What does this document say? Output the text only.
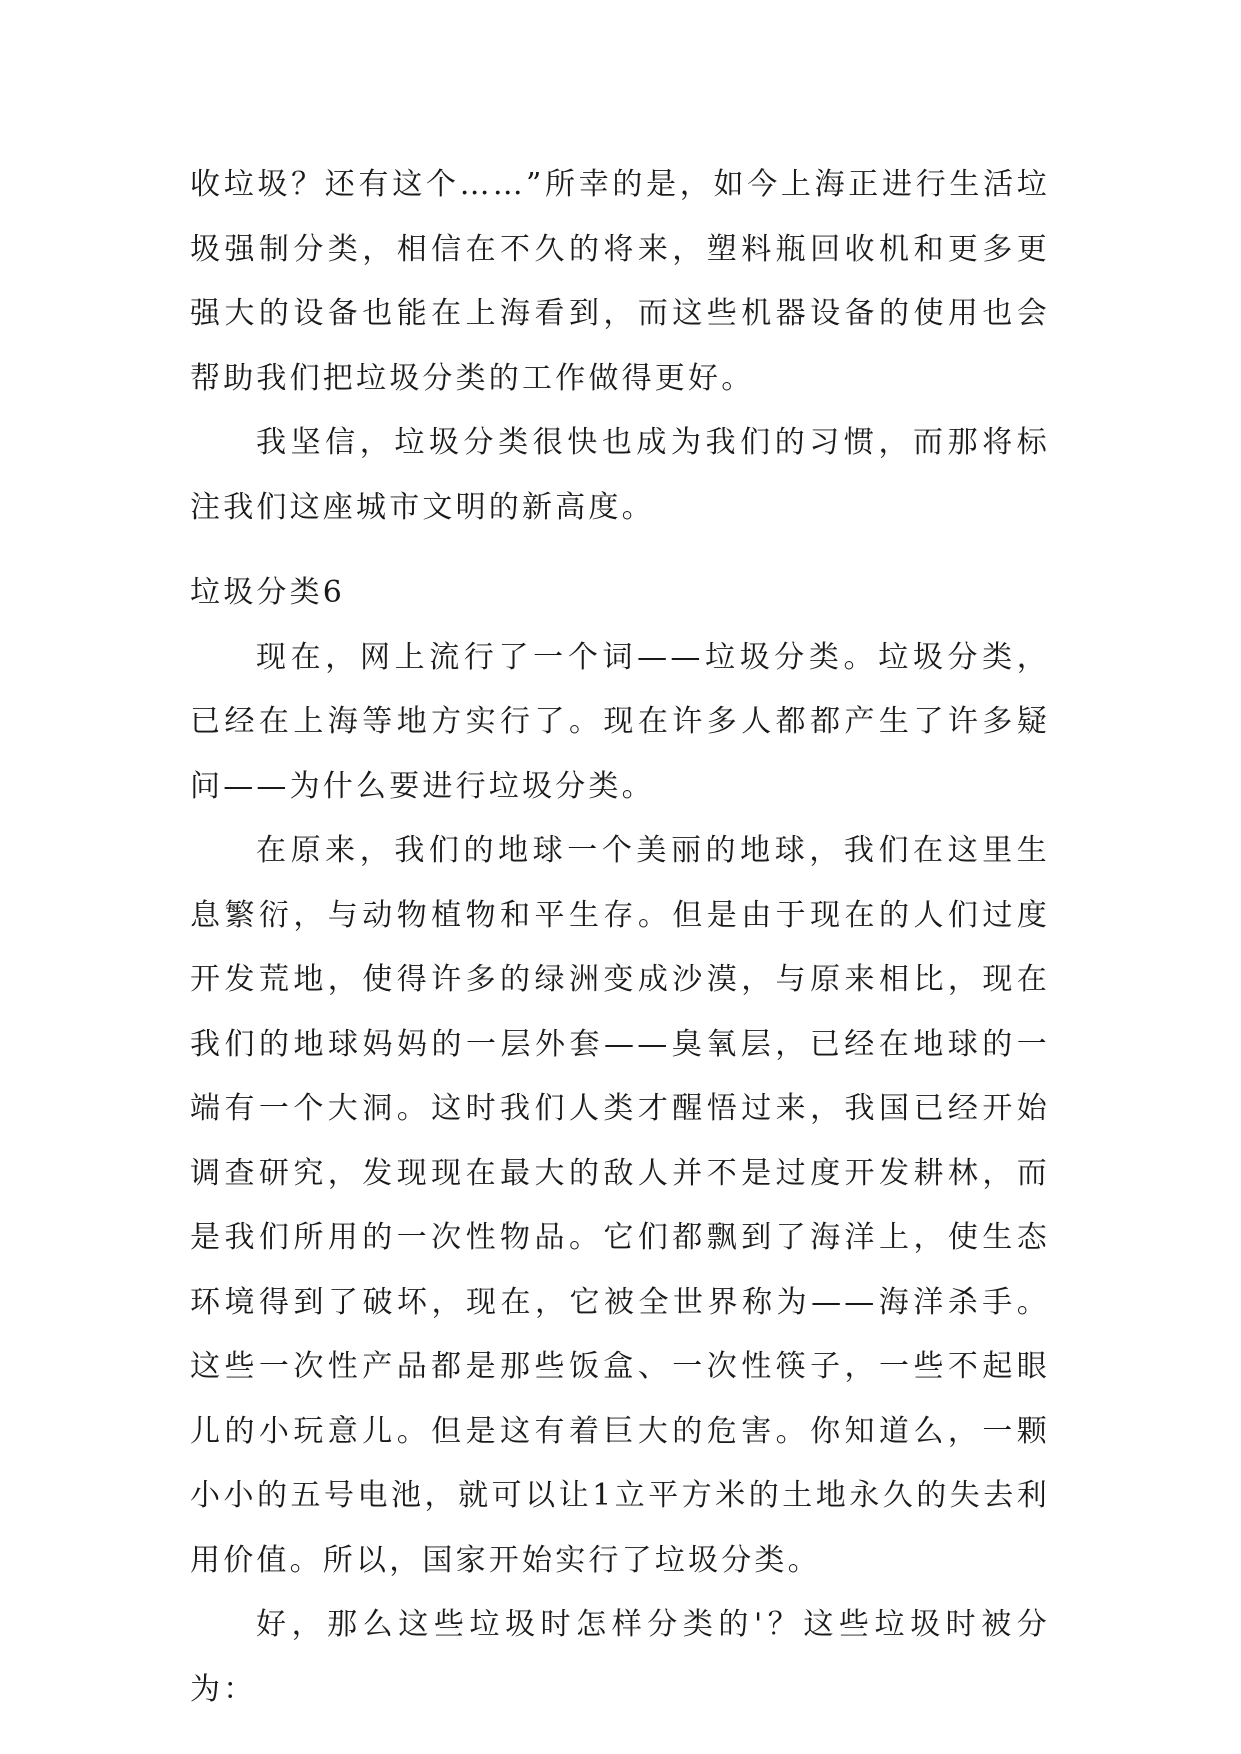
收垃圾？还有这个……”所幸的是，如今上海正进行生活垃圾强制分类，相信在不久的将来，塑料瓶回收机和更多更强大的设备也能在上海看到，而这些机器设备的使用也会帮助我们把垃圾分类的工作做得更好。

我坚信，垃圾分类很快也成为我们的习惯，而那将标注我们这座城市文明的新高度。

垃圾分类6

现在，网上流行了一个词——垃圾分类。垃圾分类，已经在上海等地方实行了。现在许多人都都产生了许多疑问——为什么要进行垃圾分类。

在原来，我们的地球一个美丽的地球，我们在这里生息繁衍，与动物植物和平生存。但是由于现在的人们过度开发荒地，使得许多的绿洲变成沙漠，与原来相比，现在我们的地球妈妈的一层外套——臭氧层，已经在地球的一端有一个大洞。这时我们人类才醒悟过来，我国已经开始调查研究，发现现在最大的敌人并不是过度开发耕林，而是我们所用的一次性物品。它们都飘到了海洋上，使生态环境得到了破坏，现在，它被全世界称为——海洋杀手。这些一次性产品都是那些饭盒、一次性筷子，一些不起眼儿的小玩意儿。但是这有着巨大的危害。你知道么，一颗小小的五号电池，就可以让1立平方米的土地永久的失去利用价值。所以，国家开始实行了垃圾分类。

好，那么这些垃圾时怎样分类的'？这些垃圾时被分为：
